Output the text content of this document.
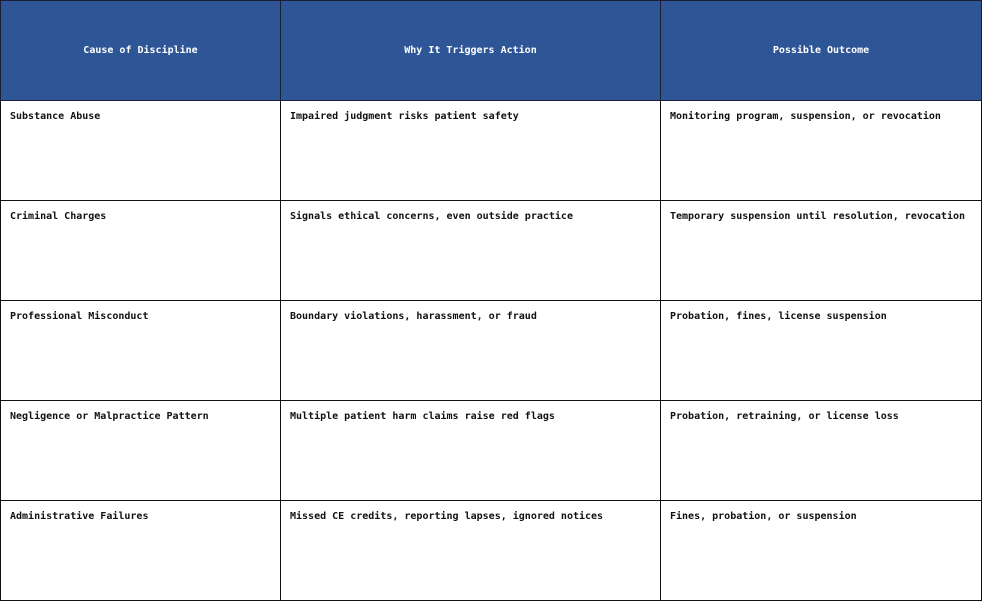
Cause of Discipline	Why It Triggers Action	Possible Outcome
Substance Abuse	Impaired judgment risks patient safety	Monitoring program, suspension, or revocation
Criminal Charges	Signals ethical concerns, even outside practice	Temporary suspension until resolution, revocation
Professional Misconduct	Boundary violations, harassment, or fraud	Probation, fines, license suspension
Negligence or Malpractice Pattern	Multiple patient harm claims raise red flags	Probation, retraining, or license loss
Administrative Failures	Missed CE credits, reporting lapses, ignored notices	Fines, probation, or suspension
